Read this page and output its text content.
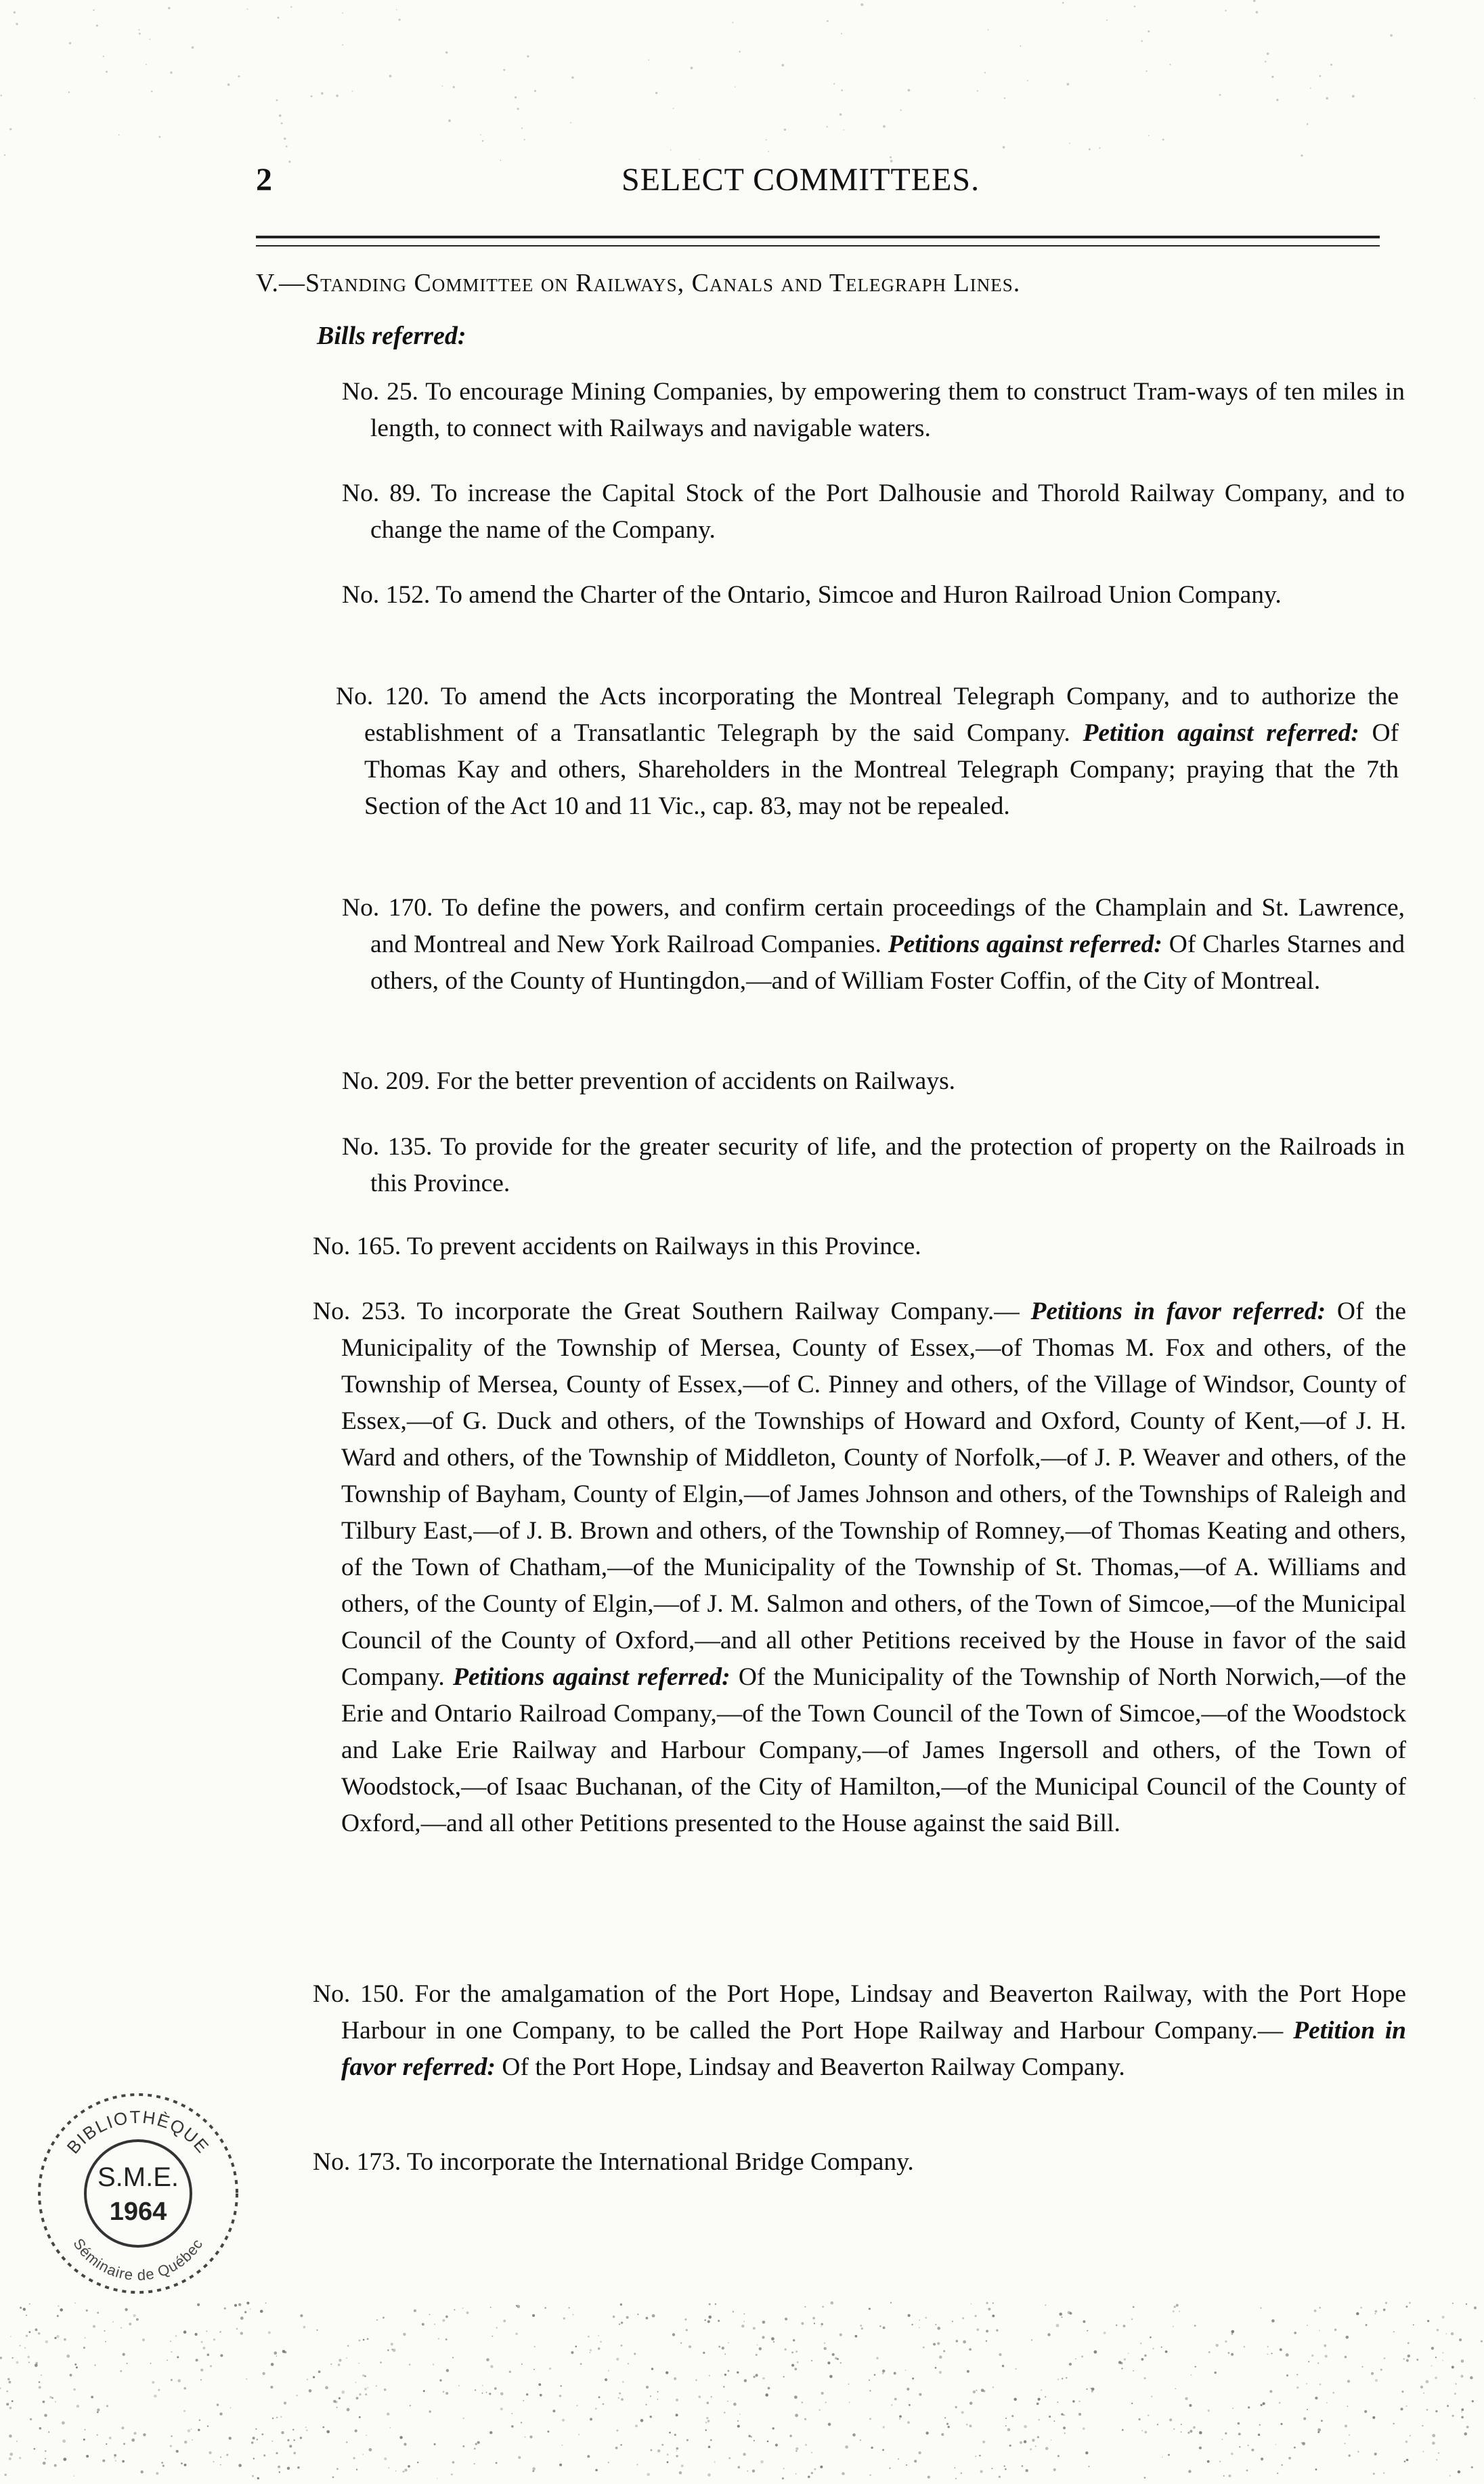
2	SELECT COMMITTEES.
V.—Standing Committee on Railways, Canals and Telegraph Lines.
Bills referred:
No. 25. To encourage Mining Companies, by empowering them to construct Tram-ways of ten miles in length, to connect with Railways and navigable waters.
No. 89. To increase the Capital Stock of the Port Dalhousie and Thorold Railway Company, and to change the name of the Company.
No. 152. To amend the Charter of the Ontario, Simcoe and Huron Railroad Union Company.
No. 120. To amend the Acts incorporating the Montreal Telegraph Company, and to authorize the establishment of a Transatlantic Telegraph by the said Company. Petition against referred: Of Thomas Kay and others, Shareholders in the Montreal Telegraph Company; praying that the 7th Section of the Act 10 and 11 Vic., cap. 83, may not be repealed.
No. 170. To define the powers, and confirm certain proceedings of the Champlain and St. Lawrence, and Montreal and New York Railroad Companies. Petitions against referred: Of Charles Starnes and others, of the County of Huntingdon,—and of William Foster Coffin, of the City of Montreal.
No. 209. For the better prevention of accidents on Railways.
No. 135. To provide for the greater security of life, and the protection of property on the Railroads in this Province.
No. 165. To prevent accidents on Railways in this Province.
No. 253. To incorporate the Great Southern Railway Company.— Petitions in favor referred: Of the Municipality of the Township of Mersea, County of Essex,—of Thomas M. Fox and others, of the Township of Mersea, County of Essex,—of C. Pinney and others, of the Village of Windsor, County of Essex,—of G. Duck and others, of the Townships of Howard and Oxford, County of Kent,—of J. H. Ward and others, of the Township of Middleton, County of Norfolk,—of J. P. Weaver and others, of the Township of Bayham, County of Elgin,—of James Johnson and others, of the Townships of Raleigh and Tilbury East,—of J. B. Brown and others, of the Township of Romney,—of Thomas Keating and others, of the Town of Chatham,—of the Municipality of the Township of St. Thomas,—of A. Williams and others, of the County of Elgin,—of J. M. Salmon and others, of the Town of Simcoe,—of the Municipal Council of the County of Oxford,—and all other Petitions received by the House in favor of the said Company. Petitions against referred: Of the Municipality of the Township of North Norwich,—of the Erie and Ontario Railroad Company,—of the Town Council of the Town of Simcoe,—of the Woodstock and Lake Erie Railway and Harbour Company,—of James Ingersoll and others, of the Town of Woodstock,—of Isaac Buchanan, of the City of Hamilton,—of the Municipal Council of the County of Oxford,—and all other Petitions presented to the House against the said Bill.
No. 150. For the amalgamation of the Port Hope, Lindsay and Beaverton Railway, with the Port Hope Harbour in one Company, to be called the Port Hope Railway and Harbour Company.— Petition in favor referred: Of the Port Hope, Lindsay and Beaverton Railway Company.
No. 173. To incorporate the International Bridge Company.
BIBLIOTHÈQUE
Séminaire de Québec
S.M.E.
1964
